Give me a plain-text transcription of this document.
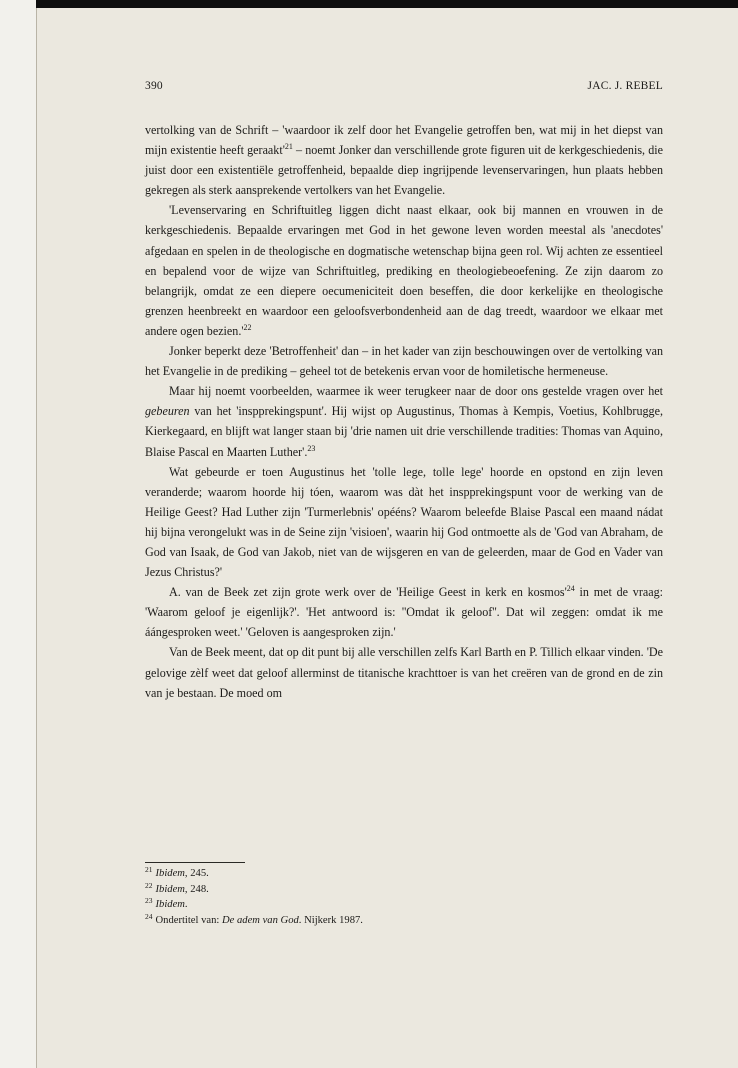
390	JAC. J. REBEL

vertolking van de Schrift – 'waardoor ik zelf door het Evangelie getroffen ben, wat mij in het diepst van mijn existentie heeft $geraakt'^{21}$ – noemt Jonker dan verschillende grote figuren uit de kerkgeschiedenis, die juist door een existentiële getroffenheid, bepaalde diep ingrijpende levenservaringen, hun plaats hebben gekregen als sterk aansprekende vertolkers van het Evangelie.

'Levenservaring en Schriftuitleg liggen dicht naast elkaar, ook bij mannen en vrouwen in de kerkgeschiedenis. Bepaalde ervaringen met God in het gewone leven worden meestal als 'anecdotes' afgedaan en spelen in de theologische en dogmatische wetenschap bijna geen rol. Wij achten ze essentieel en bepalend voor de wijze van Schriftuitleg, prediking en theologiebeoefening. Ze zijn daarom zo belangrijk, omdat ze een diepere oecumeniciteit doen beseffen, die door kerkelijke en theologische grenzen heenbreekt en waardoor een geloofsverbondenheid aan de dag treedt, waardoor we elkaar met andere ogen $bezien.'^{22}$

Jonker beperkt deze 'Betroffenheit' dan – in het kader van zijn beschouwingen over de vertolking van het Evangelie in de prediking – geheel tot de betekenis ervan voor de homiletische hermeneuse.

Maar hij noemt voorbeelden, waarmee ik weer terugkeer naar de door ons gestelde vragen over het gebeuren van het 'inspprekingspunt'. Hij wijst op Augustinus, Thomas à Kempis, Voetius, Kohlbrugge, Kierkegaard, en blijft wat langer staan bij 'drie namen uit drie verschillende tradities: Thomas van Aquino, Blaise Pascal en Maarten Luther'.$^{23}$

Wat gebeurde er toen Augustinus het 'tolle lege, tolle lege' hoorde en opstond en zijn leven veranderde; waarom hoorde hij tóen, waarom was dàt het inspprekingspunt voor de werking van de Heilige Geest? Had Luther zijn 'Turmerlebnis' opééns? Waarom beleefde Blaise Pascal een maand nádat hij bijna verongelukt was in de Seine zijn 'visioen', waarin hij God ontmoette als de 'God van Abraham, de God van Isaak, de God van Jakob, niet van de wijsgeren en van de geleerden, maar de God en Vader van Jezus Christus?'

A. van de Beek zet zijn grote werk over de 'Heilige Geest in kerk en $kosmos'^{24}$ in met de vraag: 'Waarom geloof je eigenlijk?'. 'Het antwoord is: ''Omdat ik geloof''. Dat wil zeggen: omdat ik me áángesproken weet.' 'Geloven is aangesproken zijn.'

Van de Beek meent, dat op dit punt bij alle verschillen zelfs Karl Barth en P. Tillich elkaar vinden. 'De gelovige zèlf weet dat geloof allerminst de titanische krachttoer is van het creëren van de grond en de zin van je bestaan. De moed om

$^{21}$ Ibidem, 245.
$^{22}$ Ibidem, 248.
$^{23}$ Ibidem.
$^{24}$ Ondertitel van: De adem van God. Nijkerk 1987.
